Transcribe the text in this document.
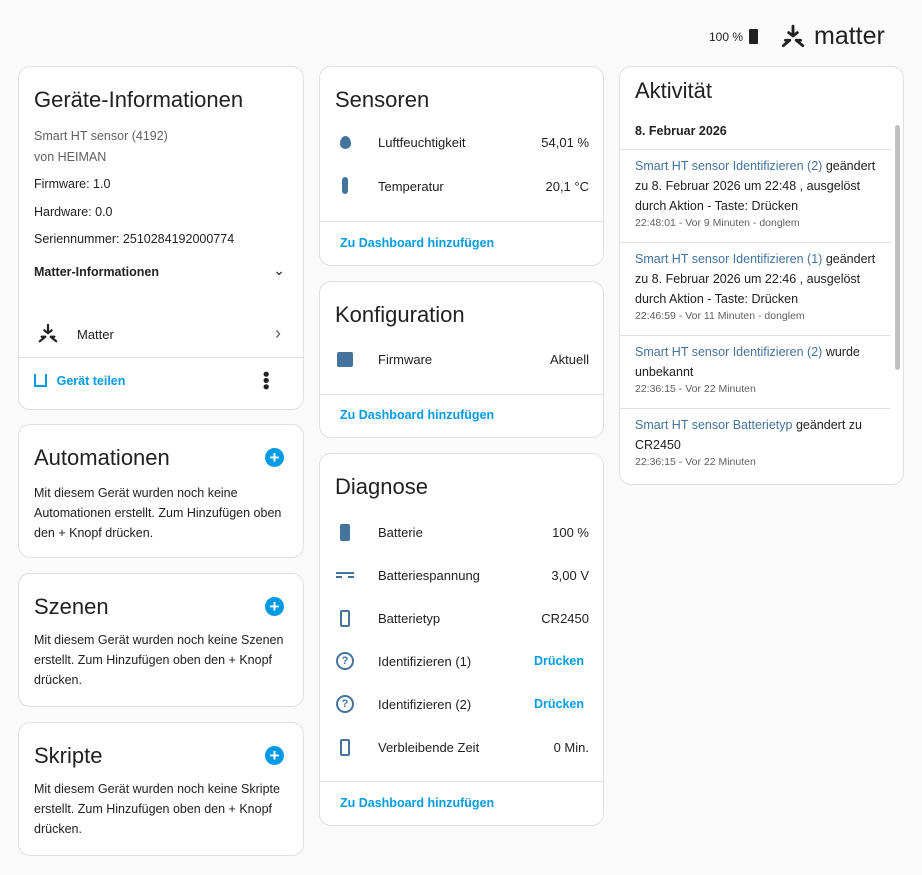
100 %	matter
Geräte-Informationen
Smart HT sensor (4192)
von HEIMAN
Firmware: 1.0
Hardware: 0.0
Seriennummer: 2510284192000774
Matter-Informationen	⌄
Matter	›
Gerät teilen	•••
Automationen	+
Mit diesem Gerät wurden noch keine Automationen erstellt. Zum Hinzufügen oben den + Knopf drücken.
Szenen	+
Mit diesem Gerät wurden noch keine Szenen erstellt. Zum Hinzufügen oben den + Knopf drücken.
Skripte	+
Mit diesem Gerät wurden noch keine Skripte erstellt. Zum Hinzufügen oben den + Knopf drücken.
Sensoren
Luftfeuchtigkeit	54,01 %
Temperatur	20,1 °C
Zu Dashboard hinzufügen
Konfiguration
Firmware	Aktuell
Zu Dashboard hinzufügen
Diagnose
Batterie	100 %
Batteriespannung	3,00 V
Batterietyp	CR2450
?	Identifizieren (1)	Drücken
?	Identifizieren (2)	Drücken
Verbleibende Zeit	0 Min.
Zu Dashboard hinzufügen
Aktivität
8. Februar 2026
Smart HT sensor Identifizieren (2) geändert zu 8. Februar 2026 um 22:48 , ausgelöst durch Aktion - Taste: Drücken
22:48:01 - Vor 9 Minuten - donglem
Smart HT sensor Identifizieren (1) geändert zu 8. Februar 2026 um 22:46 , ausgelöst durch Aktion - Taste: Drücken
22:46:59 - Vor 11 Minuten - donglem
Smart HT sensor Identifizieren (2) wurde unbekannt
22:36:15 - Vor 22 Minuten
Smart HT sensor Batterietyp geändert zu CR2450
22:36:15 - Vor 22 Minuten
